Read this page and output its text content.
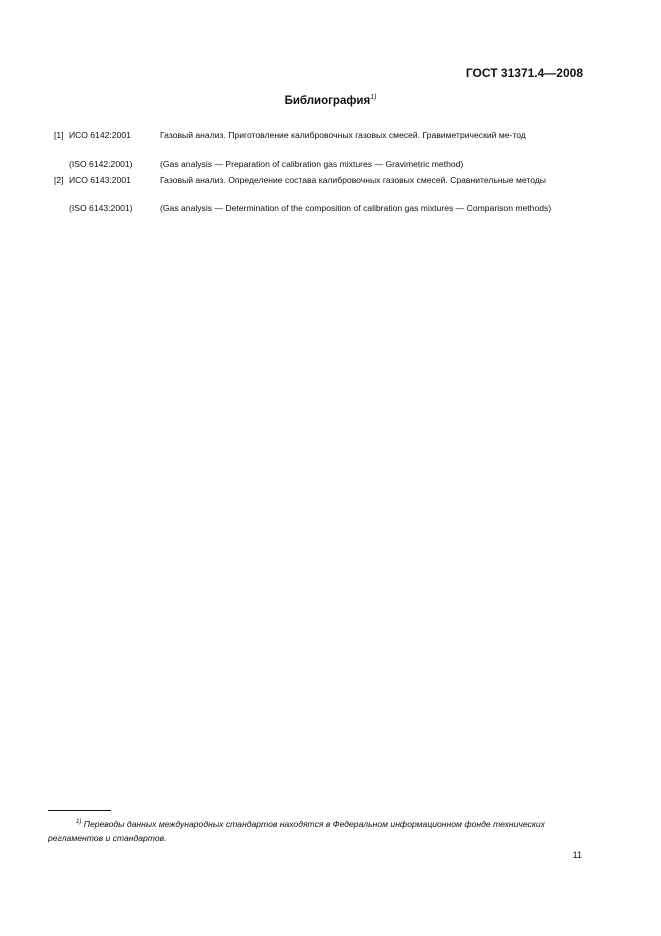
ГОСТ 31371.4—2008
Библиография$^{1)}$
[1] ИСО 6142:2001	Газовый анализ. Приготовление калибровочных газовых смесей. Гравиметрический ме-тод
(ISO 6142:2001)	(Gas analysis — Preparation of calibration gas mixtures — Gravimetric method)
[2] ИСО 6143:2001	Газовый анализ. Определение состава калибровочных газовых смесей. Сравнительные методы
(ISO 6143:2001)	(Gas analysis — Determination of the composition of calibration gas mixtures — Comparison methods)
$^{1)}$ Переводы данных международных стандартов находятся в Федеральном информационном фонде технических регламентов и стандартов.
11
